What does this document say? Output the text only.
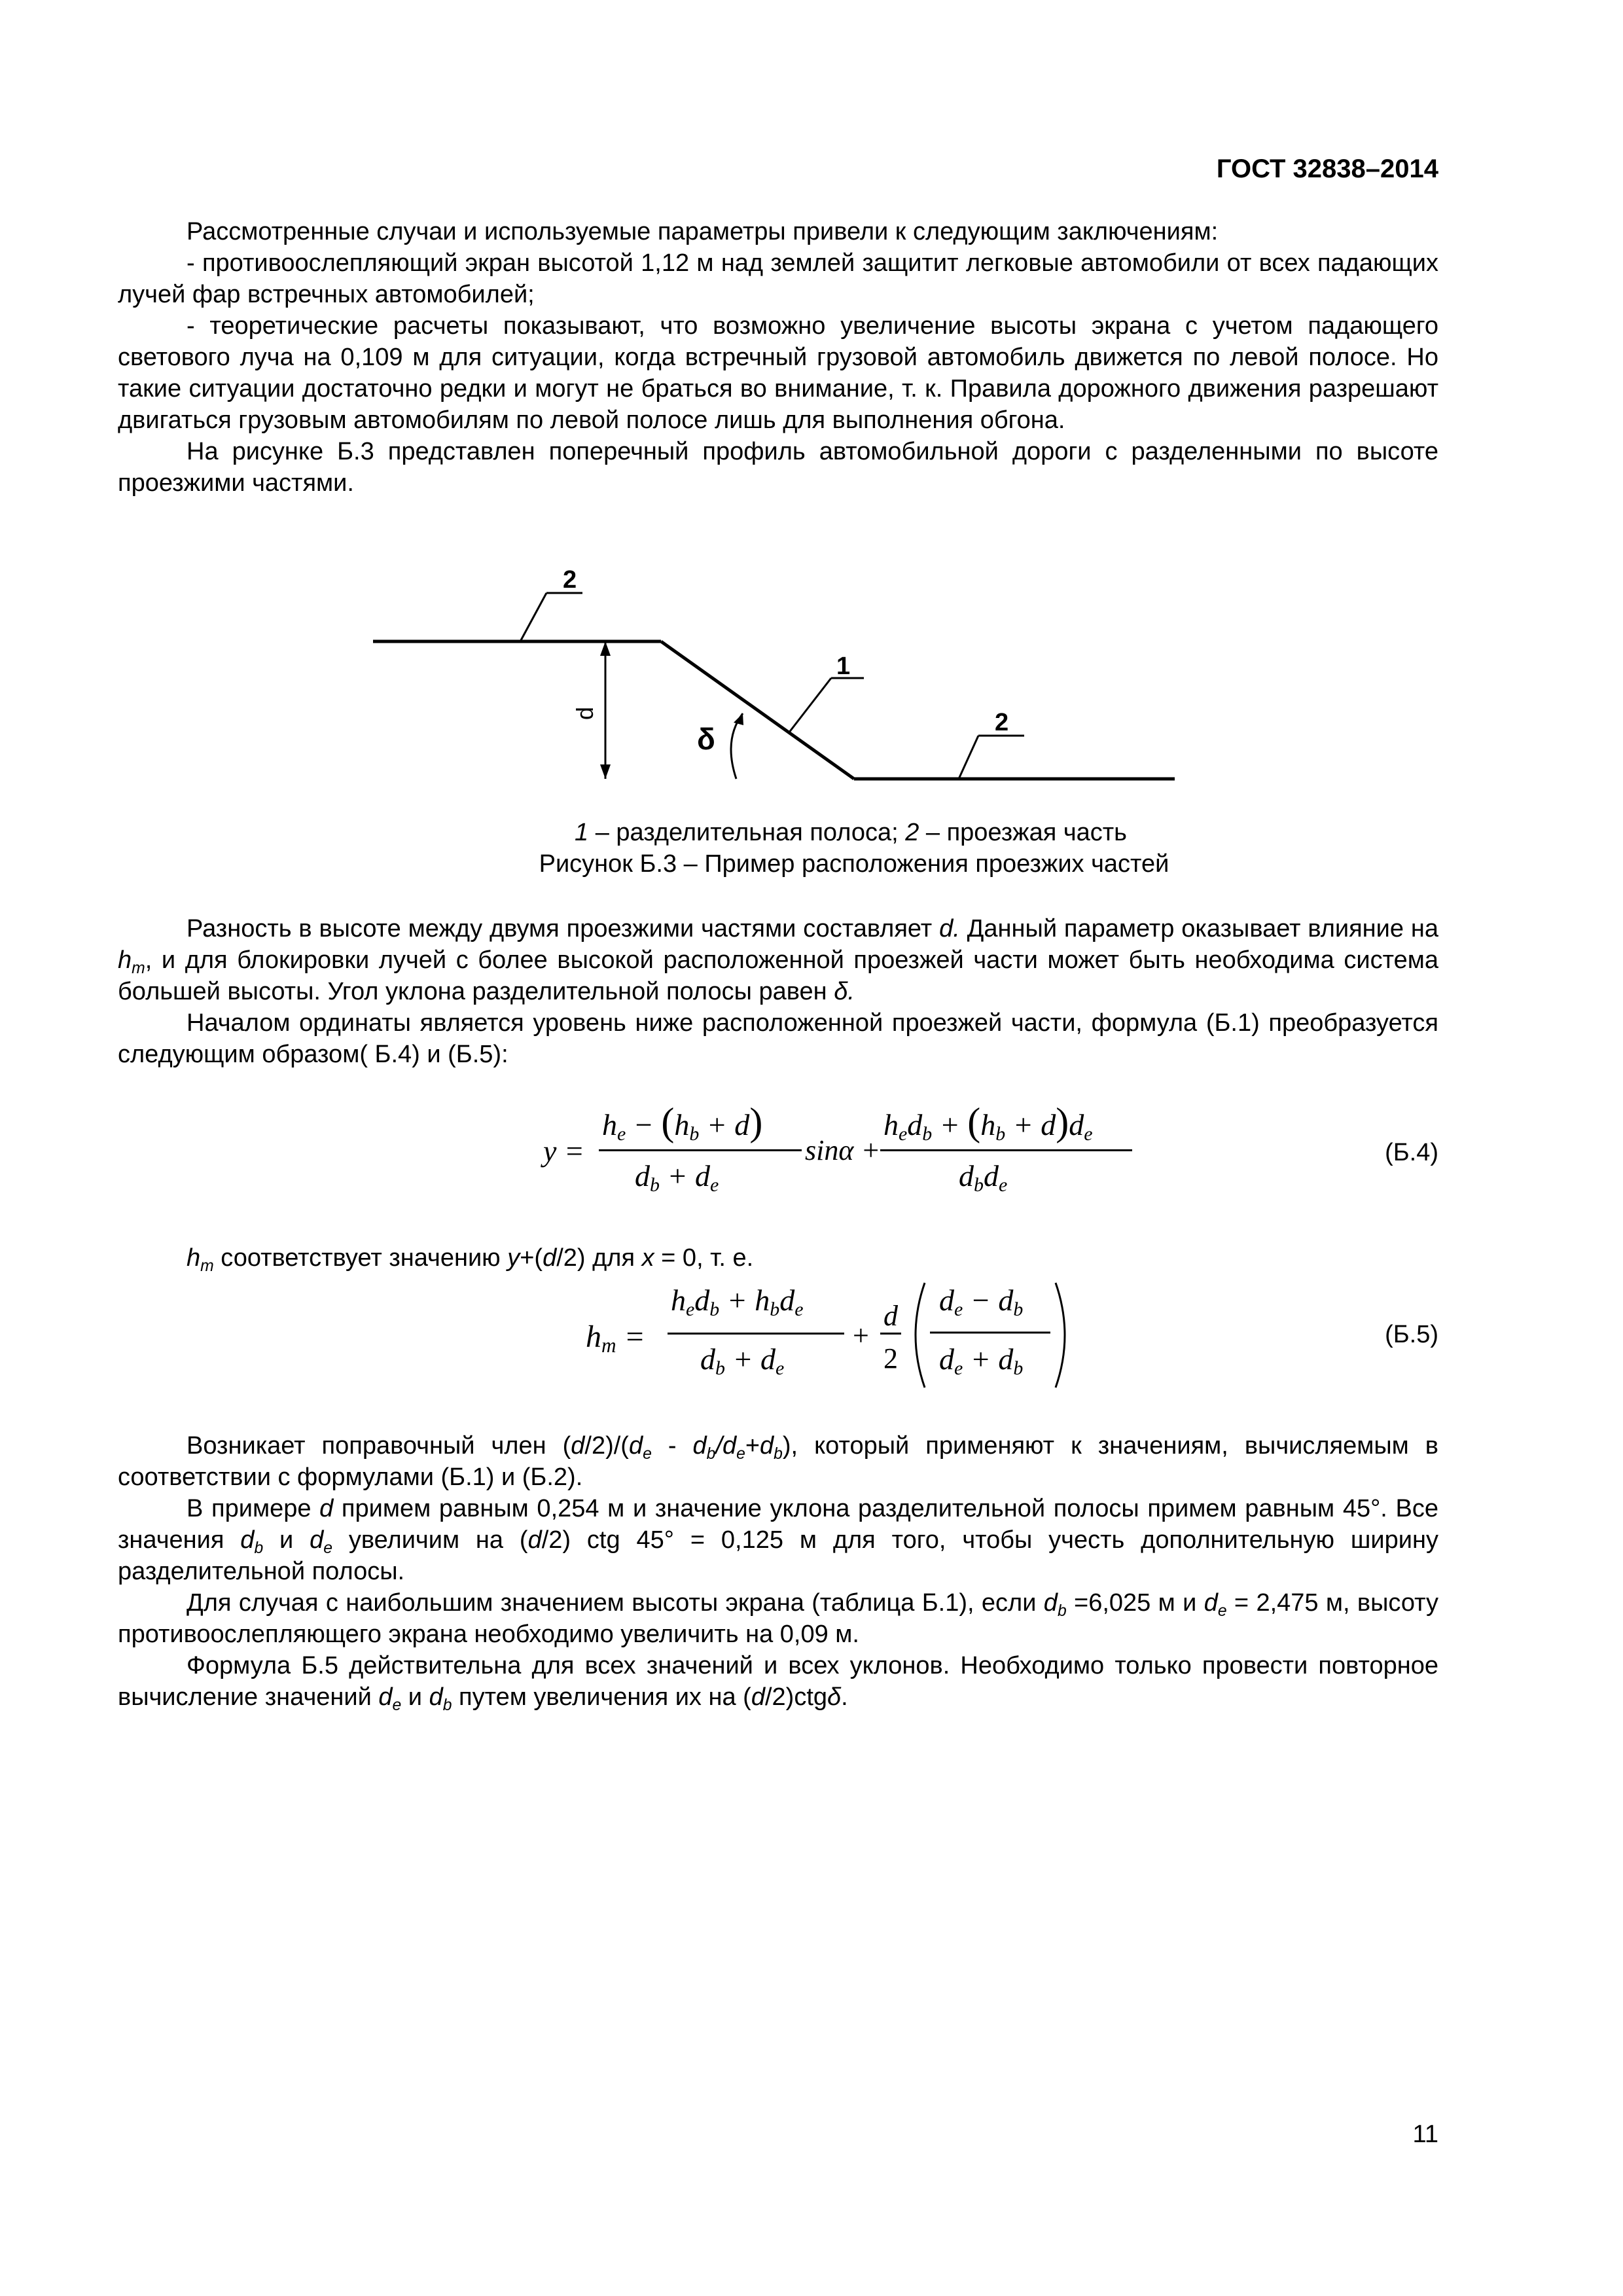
ГОСТ 32838–2014

Рассмотренные случаи и используемые параметры привели к следующим заключениям:

- противоослепляющий экран высотой 1,12 м над землей защитит легковые автомобили от всех падающих лучей фар встречных автомобилей;

- теоретические расчеты показывают, что возможно увеличение высоты экрана с учетом падающего светового луча на 0,109 м для ситуации, когда встречный грузовой автомобиль движется по левой полосе. Но такие ситуации достаточно редки и могут не браться во внимание, т. к. Правила дорожного движения разрешают двигаться грузовым автомобилям по левой полосе лишь для выполнения обгона.

На рисунке Б.3 представлен поперечный профиль автомобильной дороги с разделенными по высоте проезжими частями.

2
1
2
d
δ
1 – разделительная полоса; 2 – проезжая часть
Рисунок Б.3 – Пример расположения проезжих частей

Разность в высоте между двумя проезжими частями составляет d. Данный параметр оказывает влияние на $h_m$, и для блокировки лучей с более высокой расположенной проезжей части может быть необходима система большей высоты. Угол уклона разделительной полосы равен δ.

Началом ординаты является уровень ниже расположенной проезжей части, формула (Б.1) преобразуется следующим образом( Б.4) и (Б.5):

y =
$h_e - (h_b + d)$
$d_b + d_e$
sinα +
$h_ed_b + (h_b + d)d_e$
$d_bd_e$
(Б.4)

$h_m$ соответствует значению y+(d/2) для x = 0, т. е.

$h_m$ =
$h_ed_b + h_bd_e$
$d_b + d_e$
+
d
2
$d_e - d_b$
$d_e + d_b$
(Б.5)

Возникает поправочный член $(d/2)/(d_e - d_b/d_e+d_b)$, который применяют к значениям, вычисляемым в соответствии с формулами (Б.1) и (Б.2).

В примере d примем равным 0,254 м и значение уклона разделительной полосы примем равным 45°. Все значения $d_b$ и $d_e$ увеличим на (d/2) ctg 45° = 0,125 м для того, чтобы учесть дополнительную ширину разделительной полосы.

Для случая с наибольшим значением высоты экрана (таблица Б.1), если $d_b =6,025$ м и $d_e = 2,475$ м, высоту противоослепляющего экрана необходимо увеличить на 0,09 м.

Формула Б.5 действительна для всех значений и всех уклонов. Необходимо только провести повторное вычисление значений $d_e$ и $d_b$ путем увеличения их на (d/2)ctgδ.

11
